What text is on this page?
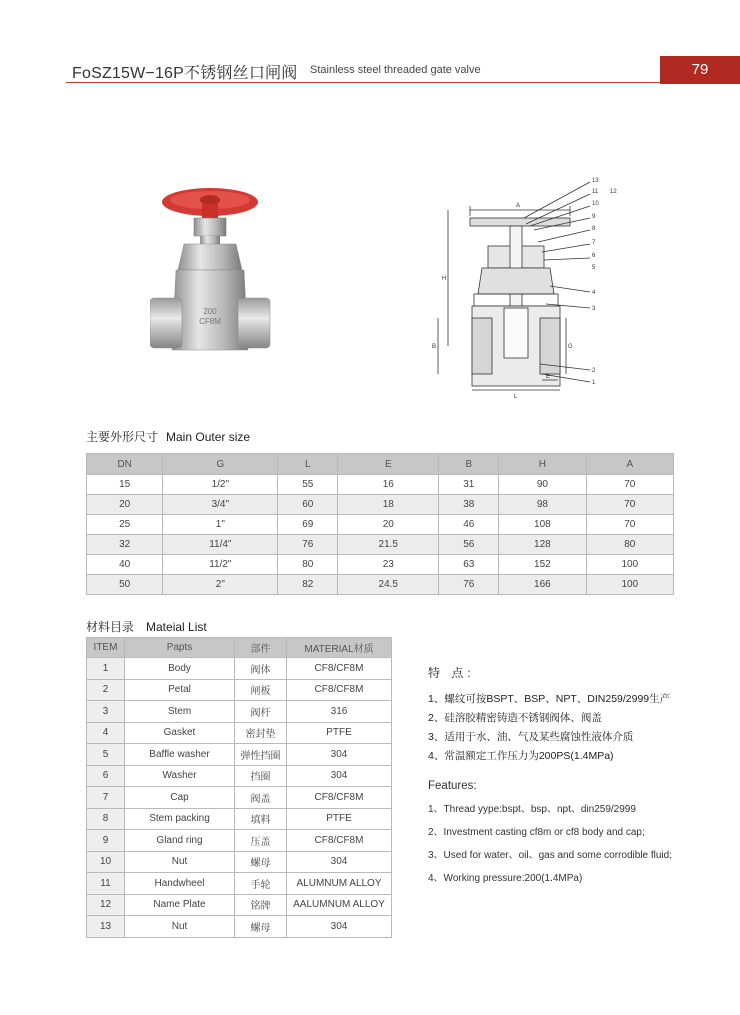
FoSZ15W−16P不锈钢丝口闸阀 Stainless steel threaded gate valve	79
200
CF8M
13
11 12
10
9
8
7
6
5
4
3
2
1
A
H
B	G
L
E
主要外形尺寸 Main Outer size
DN	G	L	E	B	H	A
15	1/2"	55	16	31	90	70
20	3/4"	60	18	38	98	70
25	1"	69	20	46	108	70
32	11/4"	76	21.5	56	128	80
40	11/2"	80	23	63	152	100
50	2"	82	24.5	76	166	100
材料目录 Mateial List
ITEM	Papts	部件	MATERIAL材质
1	Body	阀体	CF8/CF8M
2	Petal	闸板	CF8/CF8M
3	Stem	阀杆	316
4	Gasket	密封垫	PTFE
5	Baffle washer	弹性挡圈	304
6	Washer	挡圈	304
7	Cap	阀盖	CF8/CF8M
8	Stem packing	填料	PTFE
9	Gland ring	压盖	CF8/CF8M
10	Nut	螺母	304
11	Handwheel	手轮	ALUMNUM ALLOY
12	Name Plate	铭牌	AALUMNUM ALLOY
13	Nut	螺母	304
特 点:
1、螺纹可按BSPT、BSP、NPT、DIN259/2999生产
2、硅溶胶精密铸造不锈钢阀体、阀盖
3、适用于水、油、气及某些腐蚀性液体介质
4、常温额定工作压力为200PS(1.4MPa)
Features:
1、Thread yype:bspt、bsp、npt、din259/2999
2、Investment casting cf8m or cf8 body and cap;
3、Used for water、oil、gas and some corrodible fluid;
4、Working pressure:200(1.4MPa)
